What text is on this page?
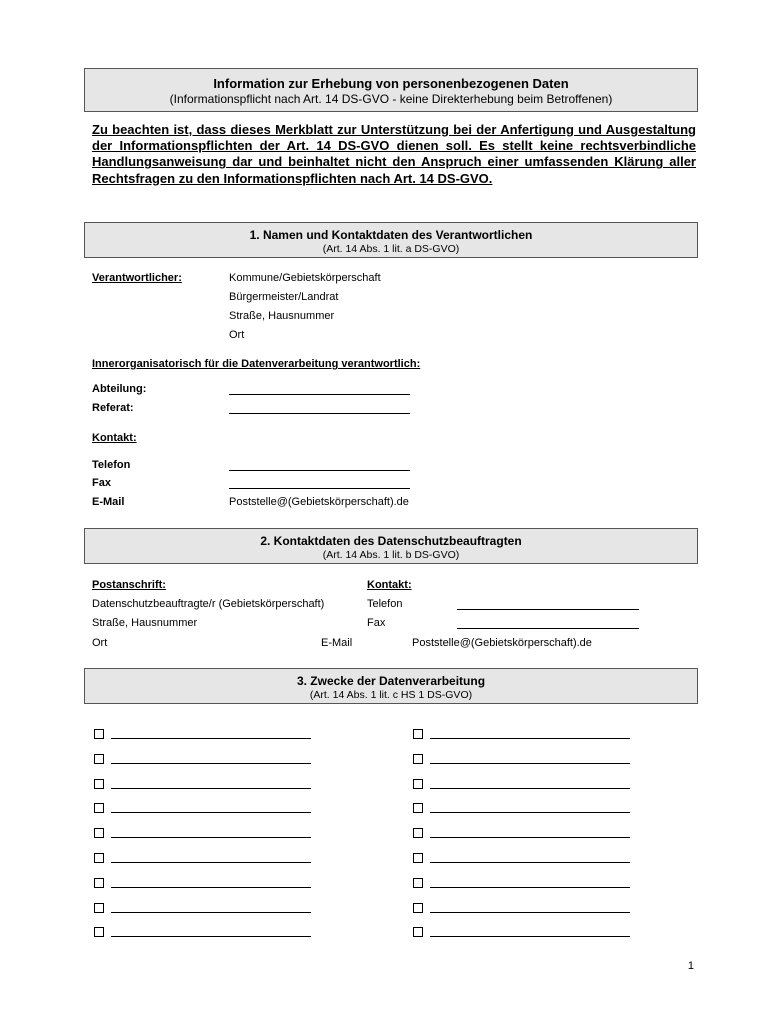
Information zur Erhebung von personenbezogenen Daten
(Informationspflicht nach Art. 14 DS-GVO - keine Direkterhebung beim Betroffenen)
Zu beachten ist, dass dieses Merkblatt zur Unterstützung bei der Anfertigung und Ausgestaltung der Informationspflichten der Art. 14 DS-GVO dienen soll. Es stellt keine rechtsverbindliche Handlungsanweisung dar und beinhaltet nicht den Anspruch einer umfassenden Klärung aller Rechtsfragen zu den Informationspflichten nach Art. 14 DS-GVO.
1. Namen und Kontaktdaten des Verantwortlichen
(Art. 14 Abs. 1 lit. a DS-GVO)
Verantwortlicher:	Kommune/Gebietskörperschaft
Bürgermeister/Landrat
Straße, Hausnummer
Ort
Innerorganisatorisch für die Datenverarbeitung verantwortlich:
Abteilung:
Referat:
Kontakt:
Telefon
Fax
E-Mail	Poststelle@(Gebietskörperschaft).de
2. Kontaktdaten des Datenschutzbeauftragten
(Art. 14 Abs. 1 lit. b DS-GVO)
Postanschrift:	Kontakt:
Datenschutzbeauftragte/r (Gebietskörperschaft)	Telefon
Straße, Hausnummer	Fax
Ort	E-Mail	Poststelle@(Gebietskörperschaft).de
3. Zwecke der Datenverarbeitung
(Art. 14 Abs. 1 lit. c HS 1 DS-GVO)
1
